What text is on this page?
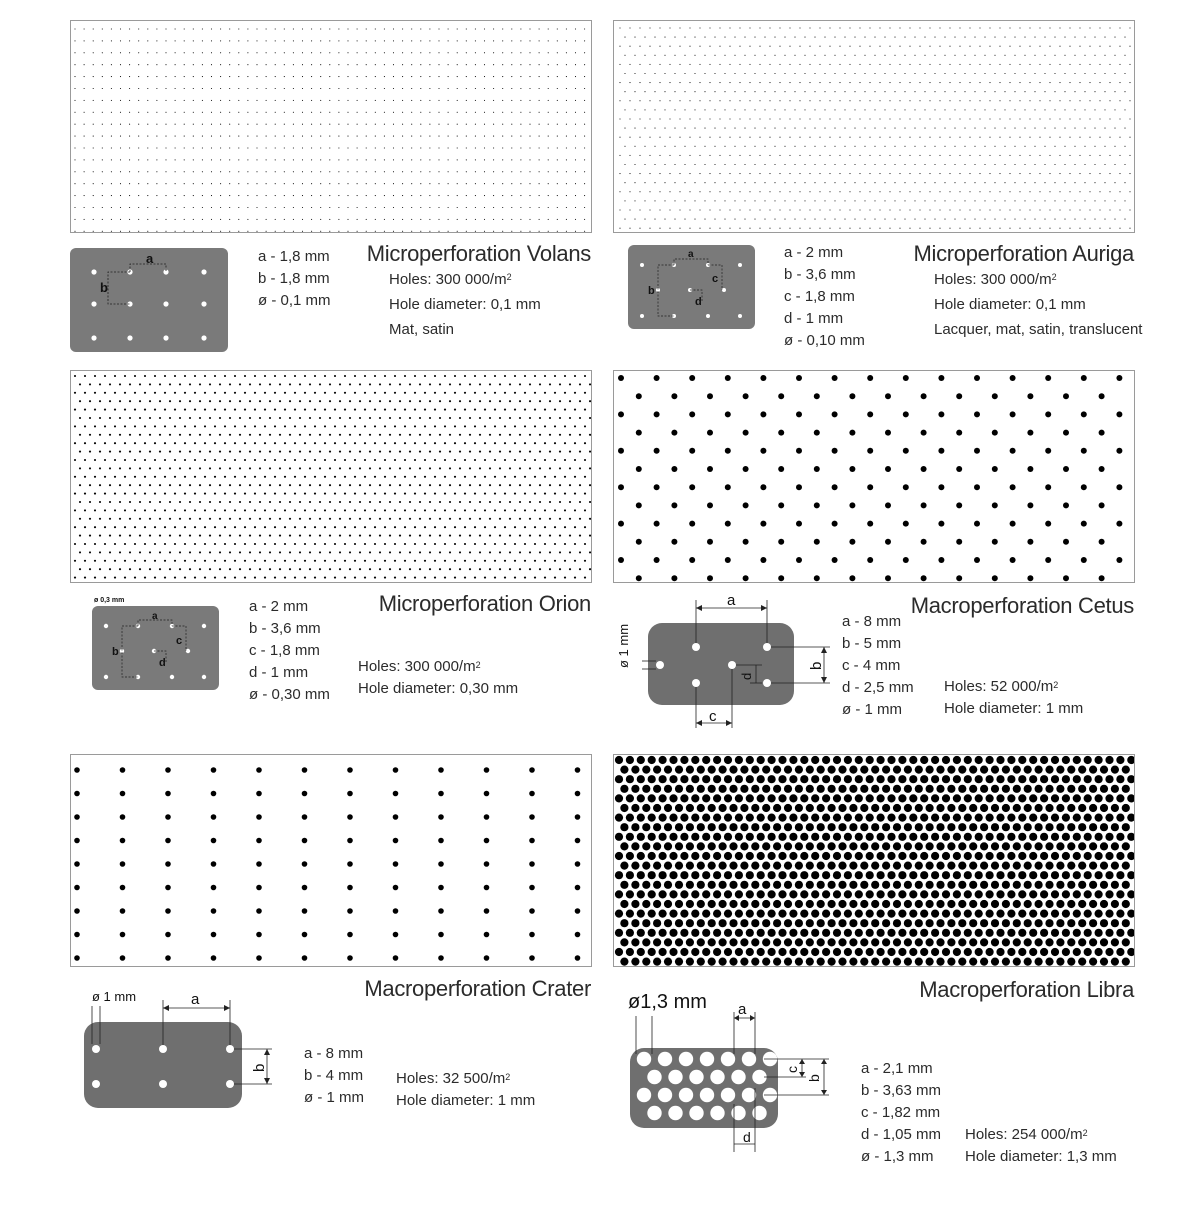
Microperforation Volans
a - 1,8 mm
b - 1,8 mm
ø - 0,1 mm
Holes: 300 $000/m^2$
Hole diameter: 0,1 mm
Mat, satin
a
b
Microperforation Auriga
a - 2 mm
b - 3,6 mm
c - 1,8 mm
d - 1 mm
ø - 0,10 mm
Holes: 300 $000/m^2$
Hole diameter: 0,1 mm
Lacquer, mat, satin, translucent
a
b
c
d
Microperforation Orion
a - 2 mm
b - 3,6 mm
c - 1,8 mm
d - 1 mm
ø - 0,30 mm
Holes: 300 $000/m^2$
Hole diameter: 0,30 mm
ø 0,3 mm
a
b
c
d
Macroperforation Cetus
a - 8 mm
b - 5 mm
c - 4 mm
d - 2,5 mm
ø - 1 mm
Holes: 52 $000/m^2$
Hole diameter: 1 mm
ø 1 mm
a
b
c
d
Macroperforation Crater
a - 8 mm
b - 4 mm
ø - 1 mm
Holes: 32 $500/m^2$
Hole diameter: 1 mm
ø 1 mm	a
b
Macroperforation Libra
a - 2,1 mm
b - 3,63 mm
c - 1,82 mm
d - 1,05 mm
ø - 1,3 mm
Holes: 254 $000/m^2$
Hole diameter: 1,3 mm
ø1,3 mm a
c
b
d
